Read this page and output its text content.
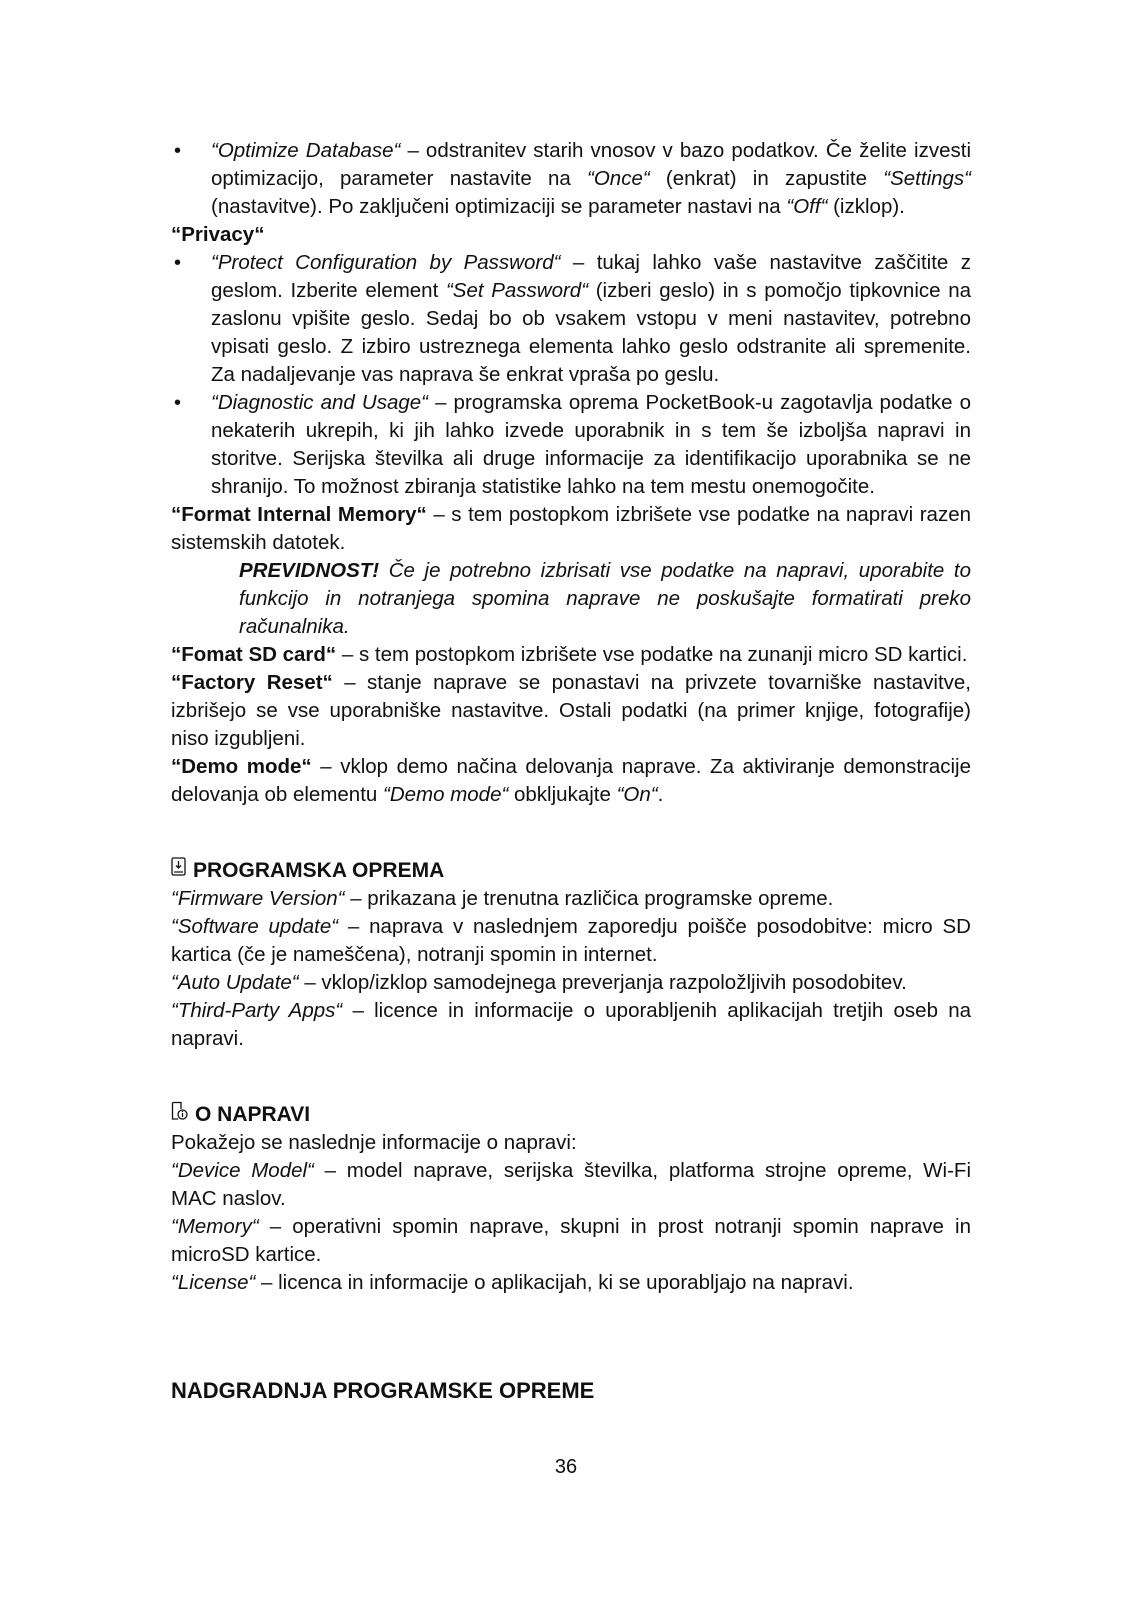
• “Optimize Database“ – odstranitev starih vnosov v bazo podatkov. Če želite izvesti optimizacijo, parameter nastavite na “Once“ (enkrat) in zapustite “Settings“ (nastavitve). Po zaključeni optimizaciji se parameter nastavi na “Off“ (izklop).

“Privacy“

• “Protect Configuration by Password“ – tukaj lahko vaše nastavitve zaščitite z geslom. Izberite element “Set Password“ (izberi geslo) in s pomočjo tipkovnice na zaslonu vpišite geslo. Sedaj bo ob vsakem vstopu v meni nastavitev, potrebno vpisati geslo. Z izbiro ustreznega elementa lahko geslo odstranite ali spremenite. Za nadaljevanje vas naprava še enkrat vpraša po geslu.
• “Diagnostic and Usage“ – programska oprema PocketBook-u zagotavlja podatke o nekaterih ukrepih, ki jih lahko izvede uporabnik in s tem še izboljša napravi in storitve. Serijska številka ali druge informacije za identifikacijo uporabnika se ne shranijo. To možnost zbiranja statistike lahko na tem mestu onemogočite.

“Format Internal Memory“ – s tem postopkom izbrišete vse podatke na napravi razen sistemskih datotek.

PREVIDNOST! Če je potrebno izbrisati vse podatke na napravi, uporabite to funkcijo in notranjega spomina naprave ne poskušajte formatirati preko računalnika.

“Fomat SD card“ – s tem postopkom izbrišete vse podatke na zunanji micro SD kartici.

“Factory Reset“ – stanje naprave se ponastavi na privzete tovarniške nastavitve, izbrišejo se vse uporabniške nastavitve. Ostali podatki (na primer knjige, fotografije) niso izgubljeni.

“Demo mode“ – vklop demo načina delovanja naprave. Za aktiviranje demonstracije delovanja ob elementu “Demo mode“ obkljukajte “On“.

PROGRAMSKA OPREMA

“Firmware Version“ – prikazana je trenutna različica programske opreme.

“Software update“ – naprava v naslednjem zaporedju poišče posodobitve: micro SD kartica (če je nameščena), notranji spomin in internet.

“Auto Update“ – vklop/izklop samodejnega preverjanja razpoložljivih posodobitev.

“Third-Party Apps“ – licence in informacije o uporabljenih aplikacijah tretjih oseb na napravi.

O NAPRAVI

Pokažejo se naslednje informacije o napravi:

“Device Model“ – model naprave, serijska številka, platforma strojne opreme, Wi-Fi MAC naslov.

“Memory“ – operativni spomin naprave, skupni in prost notranji spomin naprave in microSD kartice.

“License“ – licenca in informacije o aplikacijah, ki se uporabljajo na napravi.

NADGRADNJA PROGRAMSKE OPREME
36
